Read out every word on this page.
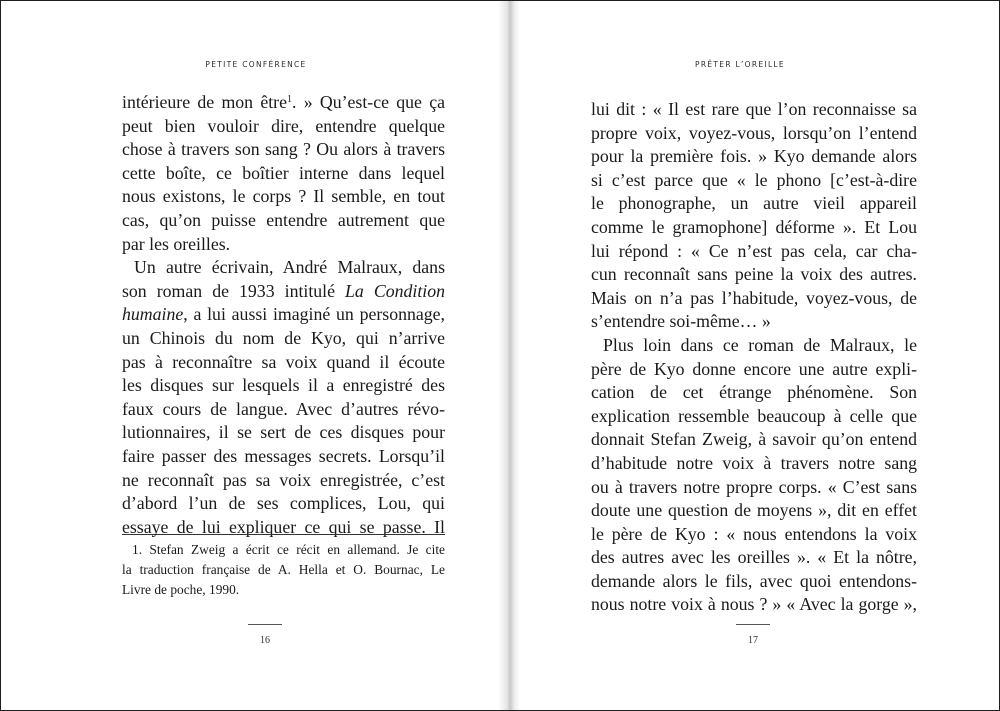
PETITE CONFÉRENCE
intérieure de mon être$^1$. » Qu’est-ce que ça
peut bien vouloir dire, entendre quelque
chose à travers son sang ? Ou alors à travers
cette boîte, ce boîtier interne dans lequel
nous existons, le corps ? Il semble, en tout
cas, qu’on puisse entendre autrement que
par les oreilles.
Un autre écrivain, André Malraux, dans
son roman de 1933 intitulé La Condition
humaine, a lui aussi imaginé un personnage,
un Chinois du nom de Kyo, qui n’arrive
pas à reconnaître sa voix quand il écoute
les disques sur lesquels il a enregistré des
faux cours de langue. Avec d’autres révo-
lutionnaires, il se sert de ces disques pour
faire passer des messages secrets. Lorsqu’il
ne reconnaît pas sa voix enregistrée, c’est
d’abord l’un de ses complices, Lou, qui
essaye de lui expliquer ce qui se passe. Il
1. Stefan Zweig a écrit ce récit en allemand. Je cite
la traduction française de A. Hella et O. Bournac, Le
Livre de poche, 1990.
16
PRÊTER L’OREILLE
lui dit : « Il est rare que l’on reconnaisse sa
propre voix, voyez-vous, lorsqu’on l’entend
pour la première fois. » Kyo demande alors
si c’est parce que « le phono [c’est-à-dire
le phonographe, un autre vieil appareil
comme le gramophone] déforme ». Et Lou
lui répond : « Ce n’est pas cela, car cha-
cun reconnaît sans peine la voix des autres.
Mais on n’a pas l’habitude, voyez-vous, de
s’entendre soi-même… »
Plus loin dans ce roman de Malraux, le
père de Kyo donne encore une autre expli-
cation de cet étrange phénomène. Son
explication ressemble beaucoup à celle que
donnait Stefan Zweig, à savoir qu’on entend
d’habitude notre voix à travers notre sang
ou à travers notre propre corps. « C’est sans
doute une question de moyens », dit en effet
le père de Kyo : « nous entendons la voix
des autres avec les oreilles ». « Et la nôtre,
demande alors le fils, avec quoi entendons-
nous notre voix à nous ? » « Avec la gorge »,
17
